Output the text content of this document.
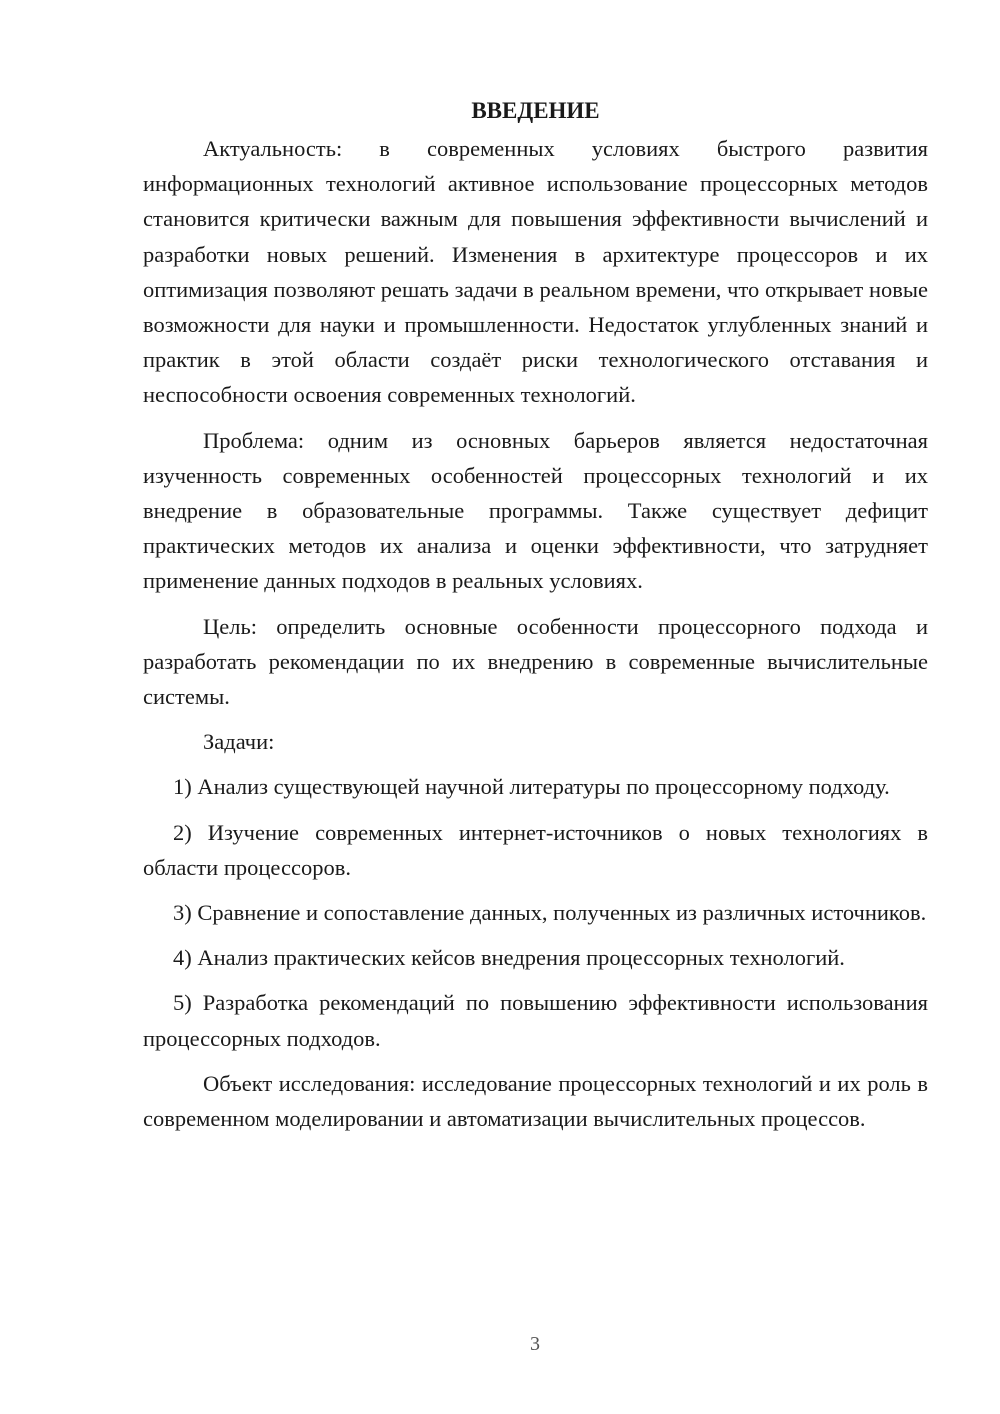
ВВЕДЕНИЕ

Актуальность: в современных условиях быстрого развития информационных технологий активное использование процессорных методов становится критически важным для повышения эффективности вычислений и разработки новых решений. Изменения в архитектуре процессоров и их оптимизация позволяют решать задачи в реальном времени, что открывает новые возможности для науки и промышленности. Недостаток углубленных знаний и практик в этой области создаёт риски технологического отставания и неспособности освоения современных технологий.

Проблема: одним из основных барьеров является недостаточная изученность современных особенностей процессорных технологий и их внедрение в образовательные программы. Также существует дефицит практических методов их анализа и оценки эффективности, что затрудняет применение данных подходов в реальных условиях.

Цель: определить основные особенности процессорного подхода и разработать рекомендации по их внедрению в современные вычислительные системы.

Задачи:

1) Анализ существующей научной литературы по процессорному подходу.

2) Изучение современных интернет-источников о новых технологиях в области процессоров.

3) Сравнение и сопоставление данных, полученных из различных источников.

4) Анализ практических кейсов внедрения процессорных технологий.

5) Разработка рекомендаций по повышению эффективности использования процессорных подходов.

Объект исследования: исследование процессорных технологий и их роль в современном моделировании и автоматизации вычислительных процессов.

3
